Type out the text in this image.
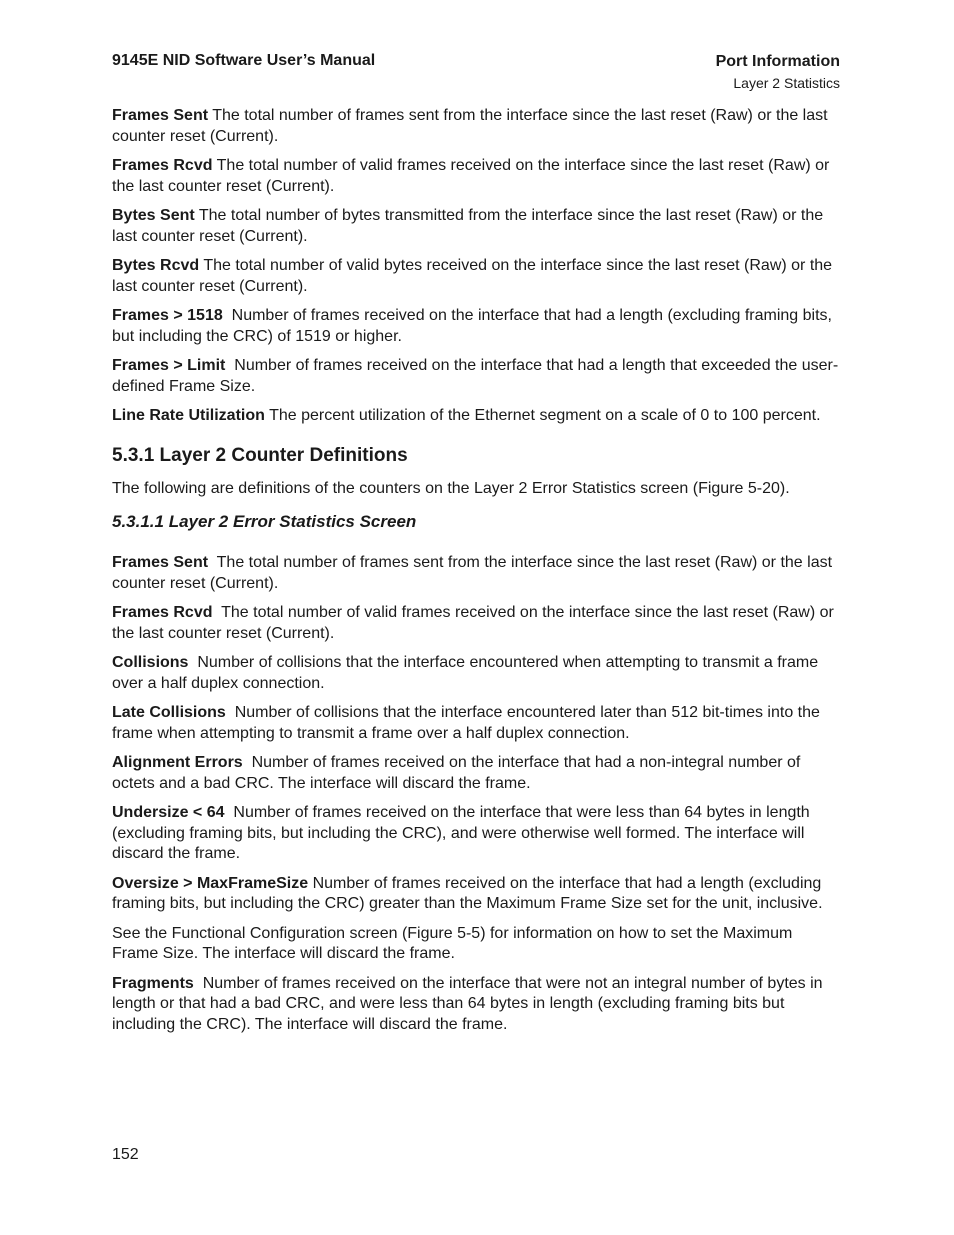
9145E NID Software User’s Manual	Port Information
Layer 2 Statistics

Frames Sent The total number of frames sent from the interface since the last reset (Raw) or the last counter reset (Current).

Frames Rcvd The total number of valid frames received on the interface since the last reset (Raw) or the last counter reset (Current).

Bytes Sent The total number of bytes transmitted from the interface since the last reset (Raw) or the last counter reset (Current).

Bytes Rcvd The total number of valid bytes received on the interface since the last reset (Raw) or the last counter reset (Current).

Frames > 1518 Number of frames received on the interface that had a length (excluding framing bits, but including the CRC) of 1519 or higher.

Frames > Limit Number of frames received on the interface that had a length that exceeded the user-defined Frame Size.

Line Rate Utilization The percent utilization of the Ethernet segment on a scale of 0 to 100 percent.

5.3.1 Layer 2 Counter Definitions

The following are definitions of the counters on the Layer 2 Error Statistics screen (Figure 5-20).

5.3.1.1 Layer 2 Error Statistics Screen

Frames Sent The total number of frames sent from the interface since the last reset (Raw) or the last counter reset (Current).

Frames Rcvd The total number of valid frames received on the interface since the last reset (Raw) or the last counter reset (Current).

Collisions Number of collisions that the interface encountered when attempting to transmit a frame over a half duplex connection.

Late Collisions Number of collisions that the interface encountered later than 512 bit-times into the frame when attempting to transmit a frame over a half duplex connection.

Alignment Errors Number of frames received on the interface that had a non-integral number of octets and a bad CRC. The interface will discard the frame.

Undersize < 64 Number of frames received on the interface that were less than 64 bytes in length (excluding framing bits, but including the CRC), and were otherwise well formed. The interface will discard the frame.

Oversize > MaxFrameSize Number of frames received on the interface that had a length (excluding framing bits, but including the CRC) greater than the Maximum Frame Size set for the unit, inclusive.

See the Functional Configuration screen (Figure 5-5) for information on how to set the Maximum Frame Size. The interface will discard the frame.

Fragments Number of frames received on the interface that were not an integral number of bytes in length or that had a bad CRC, and were less than 64 bytes in length (excluding framing bits but including the CRC). The interface will discard the frame.

152
